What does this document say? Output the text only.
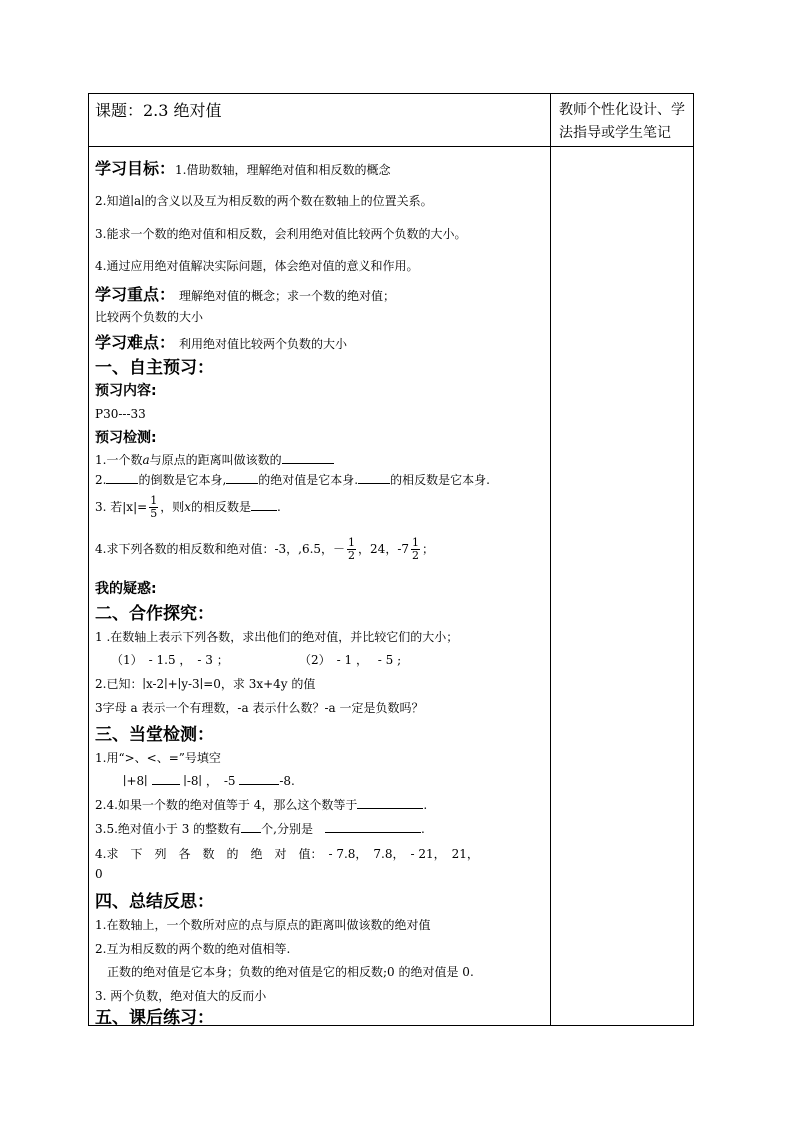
课题：2.3 绝对值	教师个性化设计、学法指导或学生笔记
学习目标：1.借助数轴，理解绝对值和相反数的概念
2.知道∣a∣的含义以及互为相反数的两个数在数轴上的位置关系。
3.能求一个数的绝对值和相反数，会利用绝对值比较两个负数的大小。
4.通过应用绝对值解决实际问题，体会绝对值的意义和作用。
学习重点：　 理解绝对值的概念；求一个数的绝对值；
比较两个负数的大小
学习难点：　 利用绝对值比较两个负数的大小
一、自主预习：
预习内容:
P30---33
预习检测:
1.一个数a与原点的距离叫做该数的
2.	的倒数是它本身,	的绝对值是它本身.	的相反数是它本身.
3. 若$|x|= \frac{1}{5}$ ，则x的相反数是 .
4.求下列各数的相反数和绝对值：-3，,6.5，－ $\frac{1}{2}$ ，24，$-7 \frac{1}{2}$ ；
我的疑惑:
二、合作探究：
1 .在数轴上表示下列各数，求出他们的绝对值，并比较它们的大小；
（1）　- 1.5 ，　- 3 ；	（2）　- 1 ，　 - 5 ;
2.已知：∣x-2∣+∣y-3∣=0，求 3x+4y 的值
3字母 a 表示一个有理数，-a 表示什么数？-a 一定是负数吗？
三、当堂检测：
1.用“>、<、=”号填空
∣+8∣	∣-8∣ ，　-5	-8.
2.4.如果一个数的绝对值等于 4，那么这个数等于	.
3.5.绝对值小于 3 的整数有 个,分别是　	.
4.求　下　列　各　数　的　绝　对　值：　- 7.8，　7.8，　- 21，　21，
0
四、总结反思：
1.在数轴上，一个数所对应的点与原点的距离叫做该数的绝对值
2.互为相反数的两个数的绝对值相等.
　正数的绝对值是它本身；负数的绝对值是它的相反数;0 的绝对值是 0.
3. 两个负数，绝对值大的反而小
五、课后练习：
